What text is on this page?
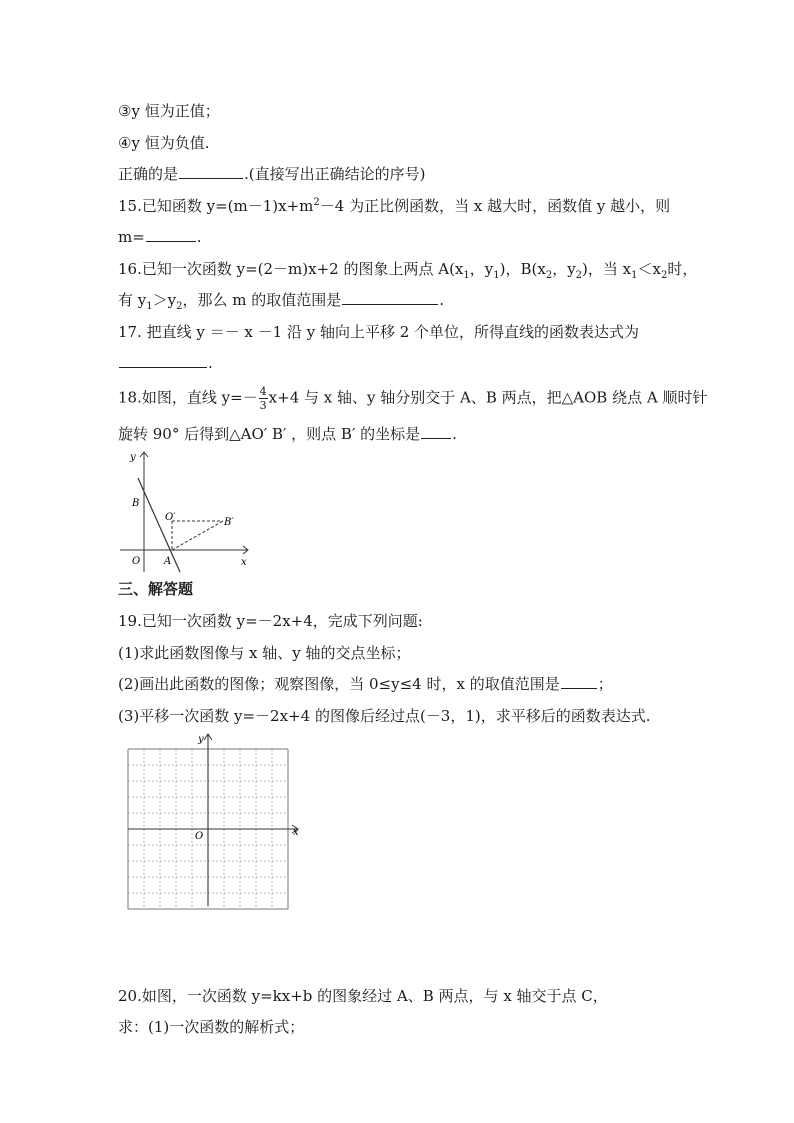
③y 恒为正值；
④y 恒为负值.
正确的是	.(直接写出正确结论的序号)
15.已知函数 $y=(m-1)x+m^2-4$ 为正比例函数，当 x 越大时，函数值 y 越小，则
m=	.
16.已知一次函数 y=(2－m)x+2 的图象上两点 $A(x_1$，$y_1$)，$B(x_2$，$y_2$)，当 $x_1<x_2$时，
有 $y_1>y_2$，那么 m 的取值范围是	.
17. 把直线 y ＝－ x －1 沿 y 轴向上平移 2 个单位，所得直线的函数表达式为
.
18.如图，直线 $y=- \frac{4}{3} x+4$ 与 x 轴、y 轴分别交于 A、B 两点，把△AOB 绕点 A 顺时针
旋转 90° 后得到△AO′ B′ ，则点 B′ 的坐标是 .
y
x
O A
B
O′	B′
三、解答题
19.已知一次函数 y=－2x+4，完成下列问题:
(1)求此函数图像与 x 轴、y 轴的交点坐标；
(2)画出此函数的图像；观察图像，当 0≤y≤4 时，x 的取值范围是	；
(3)平移一次函数 y=－2x+4 的图像后经过点(－3，1)，求平移后的函数表达式.
y
x
O
20.如图，一次函数 y=kx+b 的图象经过 A、B 两点，与 x 轴交于点 C，
求：(1)一次函数的解析式；
